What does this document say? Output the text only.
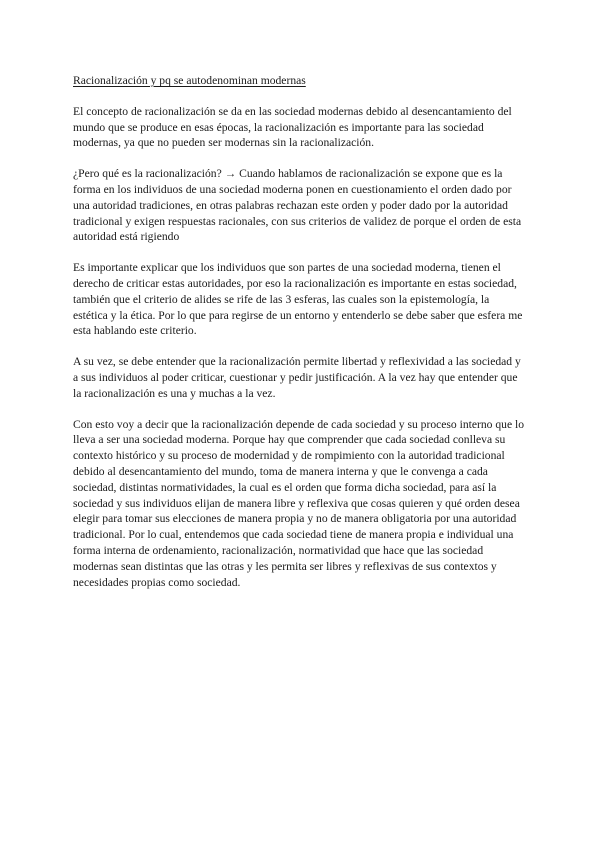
Racionalización y pq se autodenominan modernas

El concepto de racionalización se da en las sociedad modernas debido al desencantamiento del mundo que se produce en esas épocas, la racionalización es importante para las sociedad modernas, ya que no pueden ser modernas sin la racionalización.

¿Pero qué es la racionalización? → Cuando hablamos de racionalización se expone que es la forma en los individuos de una sociedad moderna ponen en cuestionamiento el orden dado por una autoridad tradiciones, en otras palabras rechazan este orden y poder dado por la autoridad tradicional y exigen respuestas racionales, con sus criterios de validez de porque el orden de esta autoridad está rigiendo

Es importante explicar que los individuos que son partes de una sociedad moderna, tienen el derecho de criticar estas autoridades, por eso la racionalización es importante en estas sociedad, también que el criterio de alides se rife de las 3 esferas, las cuales son la epistemología, la estética y la ética. Por lo que para regirse de un entorno y entenderlo se debe saber que esfera me esta hablando este criterio.

A su vez, se debe entender que la racionalización permite libertad y reflexividad a las sociedad y a sus individuos al poder criticar, cuestionar y pedir justificación. A la vez hay que entender que la racionalización es una y muchas a la vez.

Con esto voy a decir que la racionalización depende de cada sociedad y su proceso interno que lo lleva a ser una sociedad moderna. Porque hay que comprender que cada sociedad conlleva su contexto histórico y su proceso de modernidad y de rompimiento con la autoridad tradicional debido al desencantamiento del mundo, toma de manera interna y que le convenga a cada sociedad, distintas normatividades, la cual es el orden que forma dicha sociedad, para así la sociedad y sus individuos elijan de manera libre y reflexiva que cosas quieren y qué orden desea elegir para tomar sus elecciones de manera propia y no de manera obligatoria por una autoridad tradicional. Por lo cual, entendemos que cada sociedad tiene de manera propia e individual una forma interna de ordenamiento, racionalización, normatividad que hace que las sociedad modernas sean distintas que las otras y les permita ser libres y reflexivas de sus contextos y necesidades propias como sociedad.
